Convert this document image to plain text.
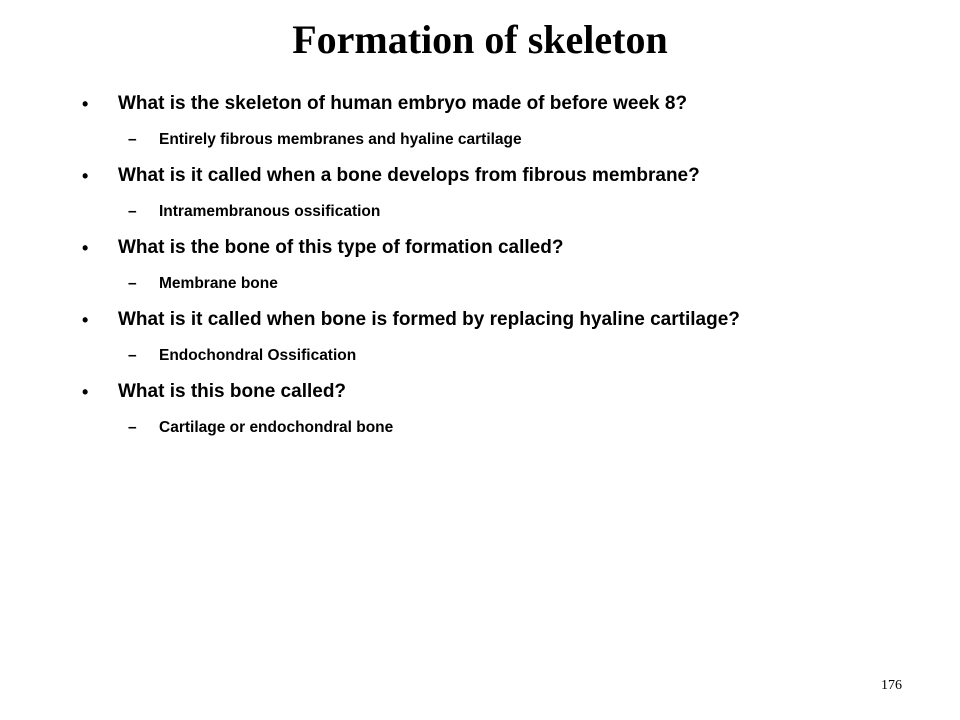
Formation of skeleton
• What is the skeleton of human embryo made of before week 8?
– Entirely fibrous membranes and hyaline cartilage
• What is it called when a bone develops from fibrous membrane?
– Intramembranous ossification
• What is the bone of this type of formation called?
– Membrane bone
• What is it called when bone is formed by replacing hyaline cartilage?
– Endochondral Ossification
• What is this bone called?
– Cartilage or endochondral bone
176
